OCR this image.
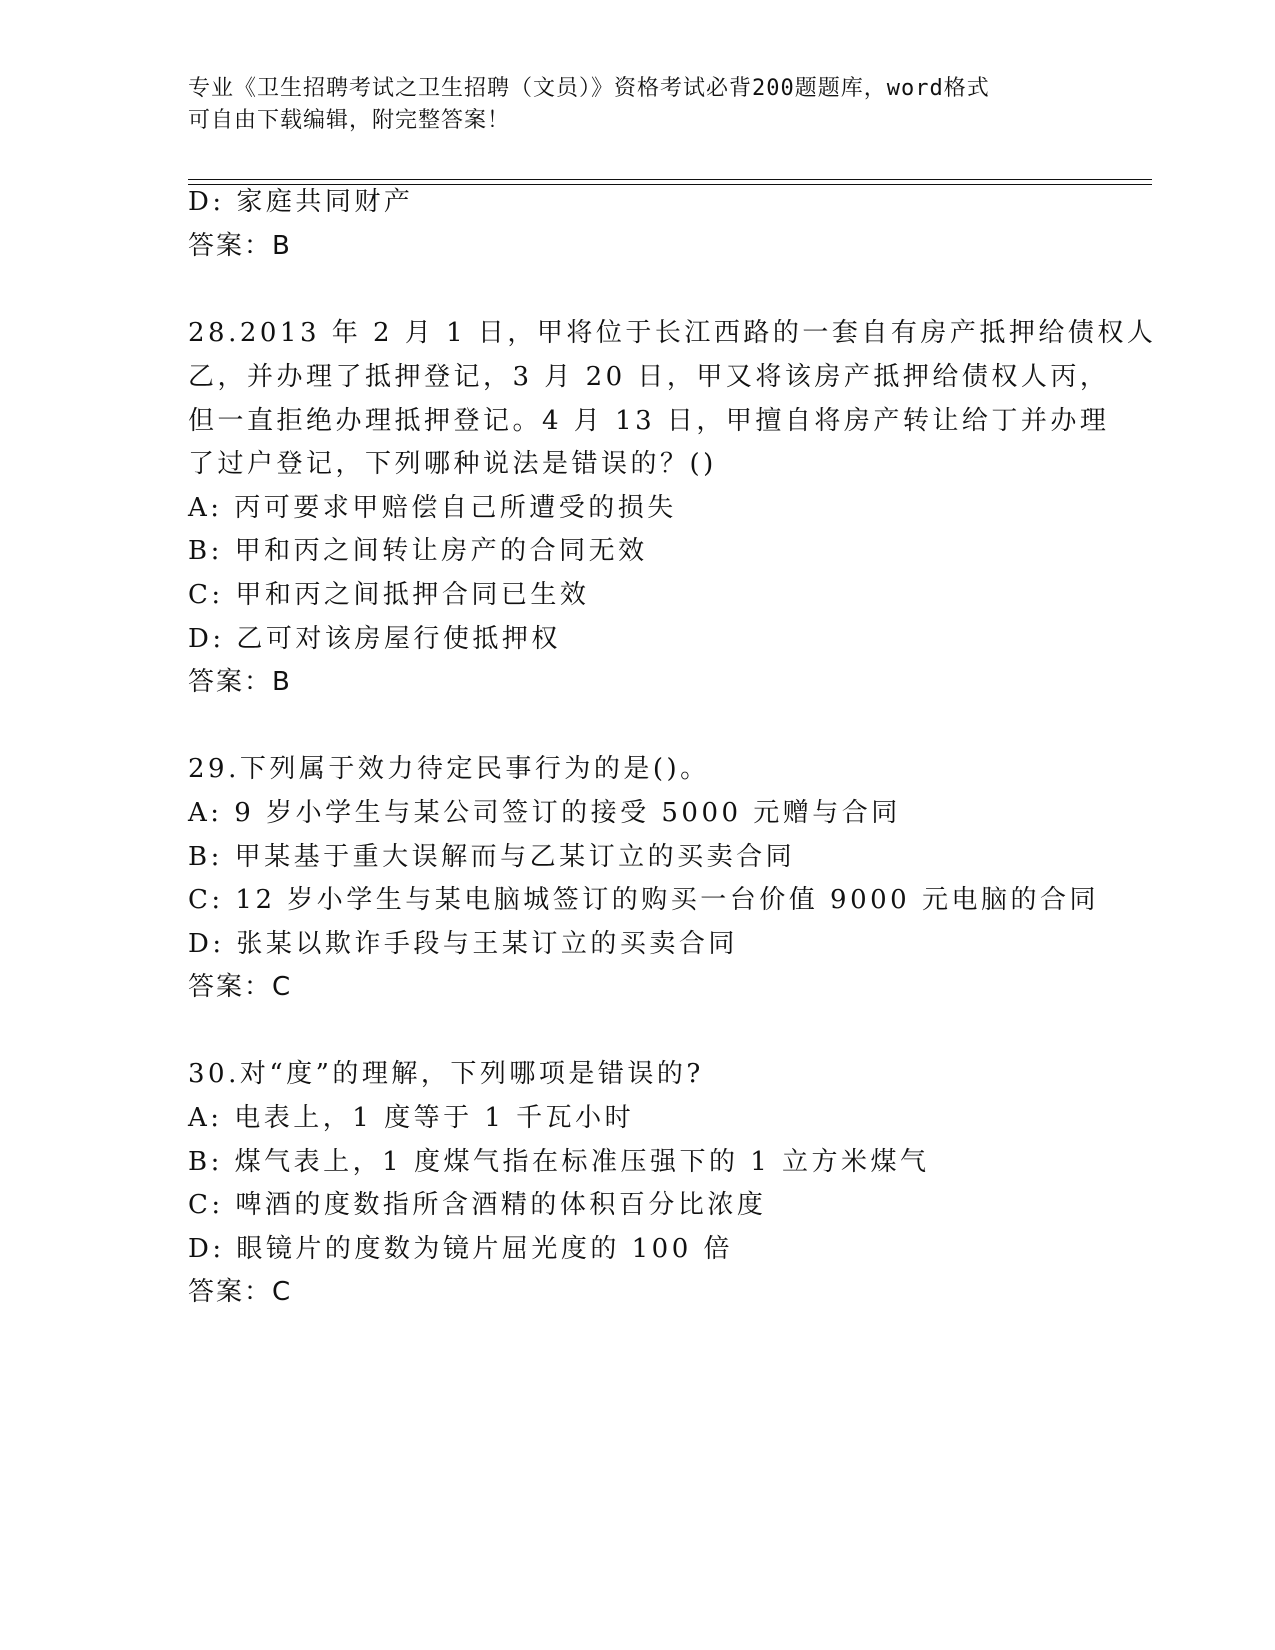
专业《卫生招聘考试之卫生招聘（文员）》资格考试必背200题题库，word格式
可自由下载编辑，附完整答案！
D: 家庭共同财产
答案：B
28.2013 年 2 月 1 日，甲将位于长江西路的一套自有房产抵押给债权人
乙，并办理了抵押登记，3 月 20 日，甲又将该房产抵押给债权人丙，
但一直拒绝办理抵押登记。4 月 13 日，甲擅自将房产转让给丁并办理
了过户登记，下列哪种说法是错误的？()
A: 丙可要求甲赔偿自己所遭受的损失
B: 甲和丙之间转让房产的合同无效
C: 甲和丙之间抵押合同已生效
D: 乙可对该房屋行使抵押权
答案：B
29.下列属于效力待定民事行为的是()。
A: 9 岁小学生与某公司签订的接受 5000 元赠与合同
B: 甲某基于重大误解而与乙某订立的买卖合同
C: 12 岁小学生与某电脑城签订的购买一台价值 9000 元电脑的合同
D: 张某以欺诈手段与王某订立的买卖合同
答案：C
30.对“度”的理解，下列哪项是错误的?
A: 电表上，1 度等于 1 千瓦小时
B: 煤气表上，1 度煤气指在标准压强下的 1 立方米煤气
C: 啤酒的度数指所含酒精的体积百分比浓度
D: 眼镜片的度数为镜片屈光度的 100 倍
答案：C
